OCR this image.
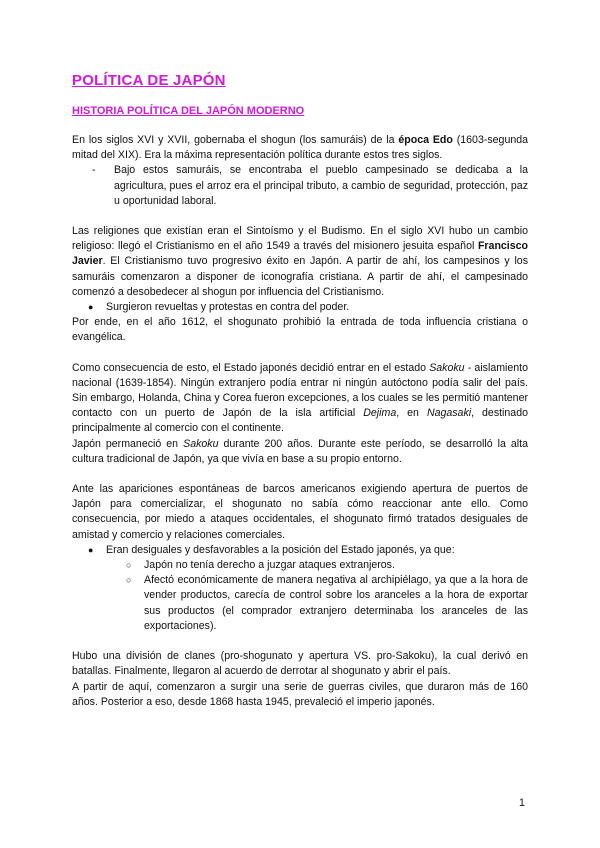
POLÍTICA DE JAPÓN
HISTORIA POLÍTICA DEL JAPÓN MODERNO

En los siglos XVI y XVII, gobernaba el shogun (los samuráis) de la época Edo (1603-segunda mitad del XIX). Era la máxima representación política durante estos tres siglos.

-	Bajo estos samuráis, se encontraba el pueblo campesinado se dedicaba a la agricultura, pues el arroz era el principal tributo, a cambio de seguridad, protección, paz u oportunidad laboral.

Las religiones que existían eran el Sintoísmo y el Budismo. En el siglo XVI hubo un cambio religioso: llegó el Cristianismo en el año 1549 a través del misionero jesuita español Francisco Javier. El Cristianismo tuvo progresivo éxito en Japón. A partir de ahí, los campesinos y los samuráis comenzaron a disponer de iconografía cristiana. A partir de ahí, el campesinado comenzó a desobedecer al shogun por influencia del Cristianismo.

●	Surgieron revueltas y protestas en contra del poder.

Por ende, en el año 1612, el shogunato prohibió la entrada de toda influencia cristiana o evangélica.

Como consecuencia de esto, el Estado japonés decidió entrar en el estado Sakoku - aislamiento nacional (1639-1854). Ningún extranjero podía entrar ni ningún autóctono podía salir del país. Sin embargo, Holanda, China y Corea fueron excepciones, a los cuales se les permitió mantener contacto con un puerto de Japón de la isla artificial Dejima, en Nagasaki, destinado principalmente al comercio con el continente.

Japón permaneció en Sakoku durante 200 años. Durante este período, se desarrolló la alta cultura tradicional de Japón, ya que vivía en base a su propio entorno.

Ante las apariciones espontáneas de barcos americanos exigiendo apertura de puertos de Japón para comercializar, el shogunato no sabía cómo reaccionar ante ello. Como consecuencia, por miedo a ataques occidentales, el shogunato firmó tratados desiguales de amistad y comercio y relaciones comerciales.

●	Eran desiguales y desfavorables a la posición del Estado japonés, ya que:
○	Japón no tenía derecho a juzgar ataques extranjeros.
○	Afectó económicamente de manera negativa al archipiélago, ya que a la hora de vender productos, carecía de control sobre los aranceles a la hora de exportar sus productos (el comprador extranjero determinaba los aranceles de las exportaciones).

Hubo una división de clanes (pro-shogunato y apertura VS. pro-Sakoku), la cual derivó en batallas. Finalmente, llegaron al acuerdo de derrotar al shogunato y abrir el país.

A partir de aquí, comenzaron a surgir una serie de guerras civiles, que duraron más de 160 años. Posterior a eso, desde 1868 hasta 1945, prevaleció el imperio japonés.

1
